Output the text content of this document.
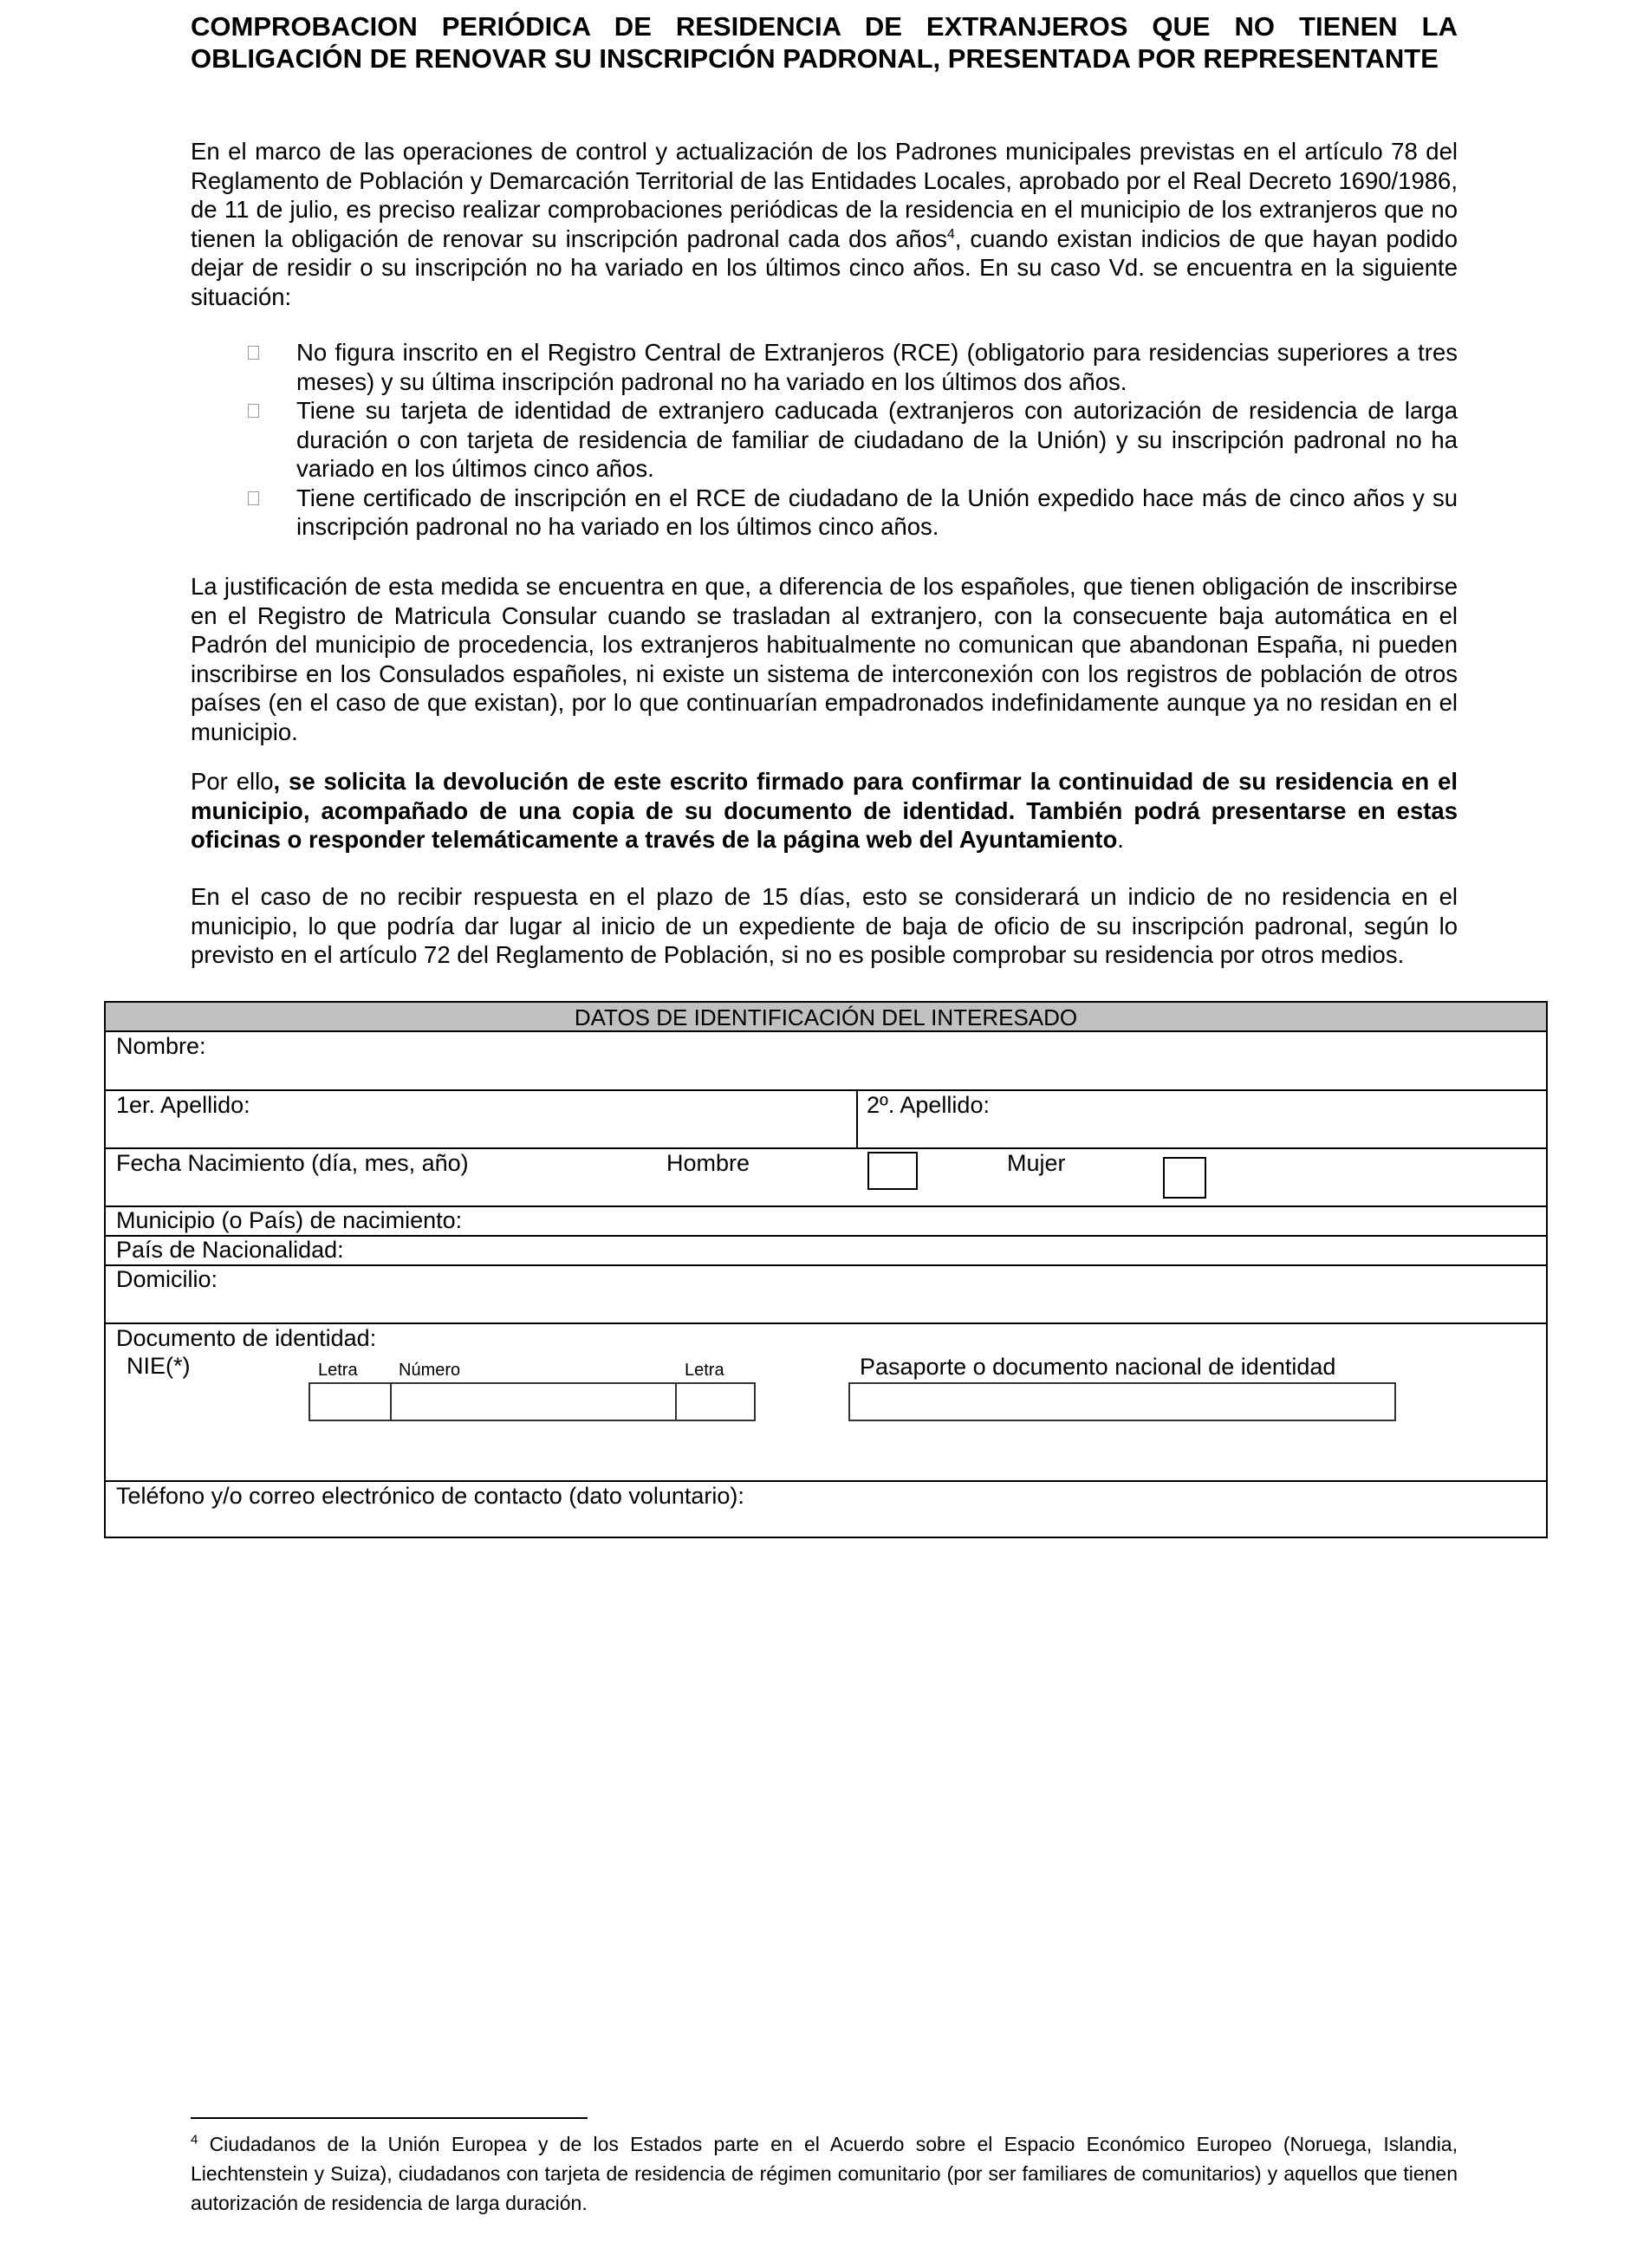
COMPROBACION PERIÓDICA DE RESIDENCIA DE EXTRANJEROS QUE NO TIENEN LA OBLIGACIÓN DE RENOVAR SU INSCRIPCIÓN PADRONAL, PRESENTADA POR REPRESENTANTE
En el marco de las operaciones de control y actualización de los Padrones municipales previstas en el artículo 78 del Reglamento de Población y Demarcación Territorial de las Entidades Locales, aprobado por el Real Decreto 1690/1986, de 11 de julio, es preciso realizar comprobaciones periódicas de la residencia en el municipio de los extranjeros que no tienen la obligación de renovar su inscripción padronal cada dos años$^4$, cuando existan indicios de que hayan podido dejar de residir o su inscripción no ha variado en los últimos cinco años. En su caso Vd. se encuentra en la siguiente situación:
No figura inscrito en el Registro Central de Extranjeros (RCE) (obligatorio para residencias superiores a tres meses) y su última inscripción padronal no ha variado en los últimos dos años.
Tiene su tarjeta de identidad de extranjero caducada (extranjeros con autorización de residencia de larga duración o con tarjeta de residencia de familiar de ciudadano de la Unión) y su inscripción padronal no ha variado en los últimos cinco años.
Tiene certificado de inscripción en el RCE de ciudadano de la Unión expedido hace más de cinco años y su inscripción padronal no ha variado en los últimos cinco años.
La justificación de esta medida se encuentra en que, a diferencia de los españoles, que tienen obligación de inscribirse en el Registro de Matricula Consular cuando se trasladan al extranjero, con la consecuente baja automática en el Padrón del municipio de procedencia, los extranjeros habitualmente no comunican que abandonan España, ni pueden inscribirse en los Consulados españoles, ni existe un sistema de interconexión con los registros de población de otros países (en el caso de que existan), por lo que continuarían empadronados indefinidamente aunque ya no residan en el municipio.
Por ello, se solicita la devolución de este escrito firmado para confirmar la continuidad de su residencia en el municipio, acompañado de una copia de su documento de identidad. También podrá presentarse en estas oficinas o responder telemáticamente a través de la página web del Ayuntamiento.
En el caso de no recibir respuesta en el plazo de 15 días, esto se considerará un indicio de no residencia en el municipio, lo que podría dar lugar al inicio de un expediente de baja de oficio de su inscripción padronal, según lo previsto en el artículo 72 del Reglamento de Población, si no es posible comprobar su residencia por otros medios.
DATOS DE IDENTIFICACIÓN DEL INTERESADO
Nombre:
1er. Apellido:	2º. Apellido:
Fecha Nacimiento (día, mes, año)	Hombre	Mujer
Municipio (o País) de nacimiento:
País de Nacionalidad:
Domicilio:
Documento de identidad:
NIE(*)	Letra Número	Letra	Pasaporte o documento nacional de identidad
Teléfono y/o correo electrónico de contacto (dato voluntario):
$^4$ Ciudadanos de la Unión Europea y de los Estados parte en el Acuerdo sobre el Espacio Económico Europeo (Noruega, Islandia, Liechtenstein y Suiza), ciudadanos con tarjeta de residencia de régimen comunitario (por ser familiares de comunitarios) y aquellos que tienen autorización de residencia de larga duración.
